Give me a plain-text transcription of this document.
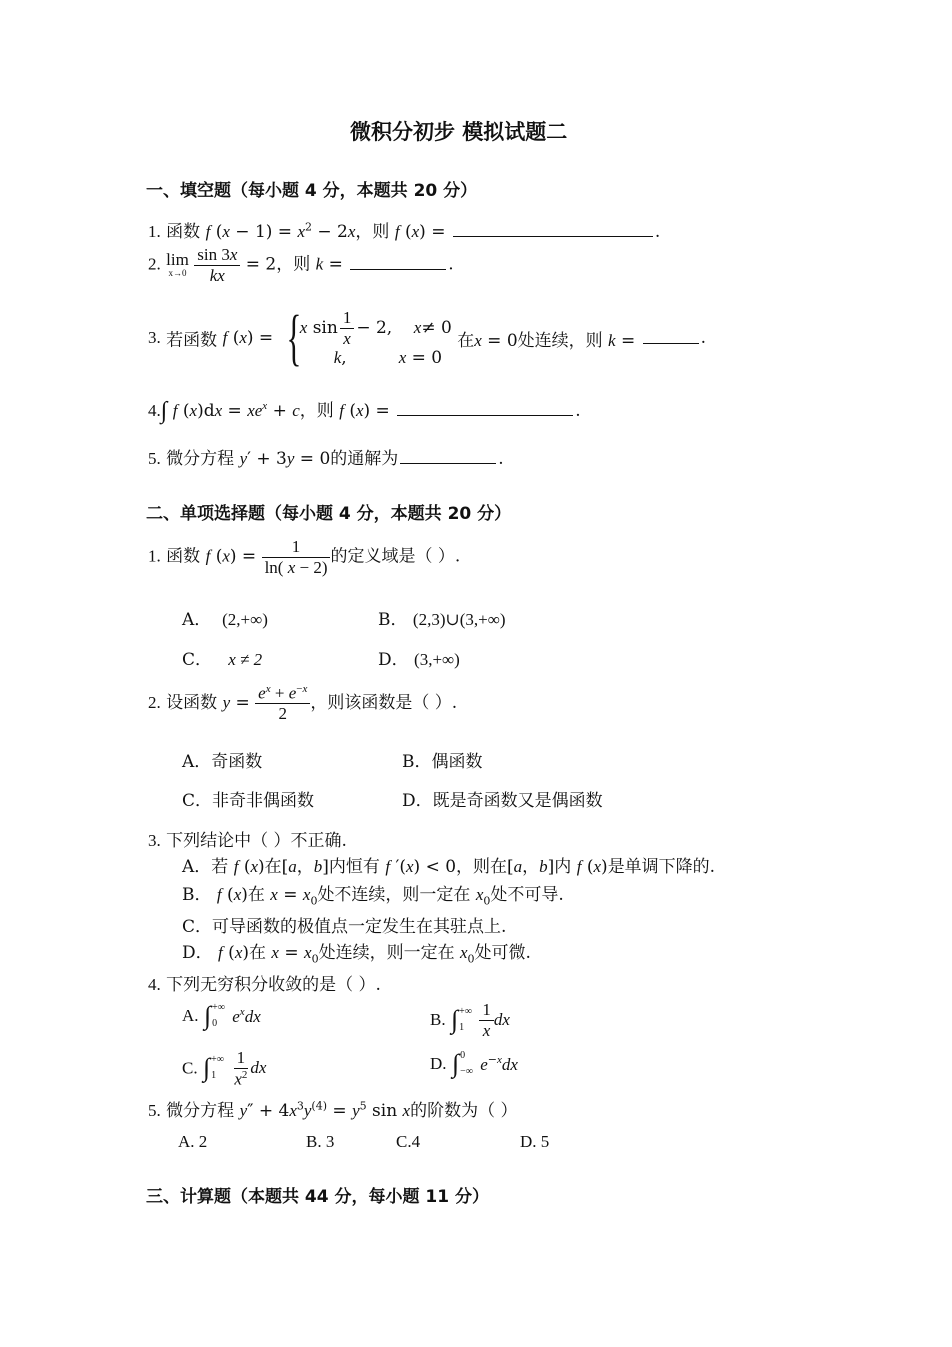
微积分初步 模拟试题二
一、填空题（每小题 4 分，本题共 20 分）
1. 函数 f $(x - 1) = x^2 - 2x$，则 f (x) =	.
2. lim
x→0
$\frac{\sin 3x}{kx} = 2$，则 k =	.
3. 若函数 f (x) = {
x $\sin \frac{1}{x} - 2$, x ≠ 0
k,	x = 0
在x = 0处连续，则 k =	.
4.∫ f $(x)dx = xe^x + c$，则 f (x) =	.
5. 微分方程 y′ + 3y = 0的通解为	.
二、单项选择题（每小题 4 分，本题共 20 分）
1. 函数 f $(x) = \frac{1}{\ln( x - 2)}$ 的定义域是（ ）.
A． (2,+∞)	B． (2,3)∪(3,+∞)
C． x ≠ 2	D． (3,+∞)
2. 设函数 $y = \frac{e^x + e^{-x}}{2}$ ，则该函数是（ ）.
A．奇函数	B．偶函数
C．非奇非偶函数	D．既是奇函数又是偶函数
3. 下列结论中（ ）不正确.
A．若 f (x)在[a，b]内恒有 f ′(x) < 0，则在[a，b]内 f (x)是单调下降的.
B． f (x)在 $x = x_0$处不连续，则一定在 $x_0$处不可导.
C．可导函数的极值点一定发生在其驻点上.
D． f (x)在 $x = x_0$处连续，则一定在 $x_0$处可微.
4. 下列无穷积分收敛的是（ ）.
A. ∫ +∞
0 $e^xdx$	B. ∫ +∞
1
$\frac{1}{x}$ dx
C. ∫ +∞
1
$\frac{1}{x^2}$ dx	D. ∫ 0
−∞ $e^{-x}dx$
5. 微分方程 $y'' + 4x^3y^{(4)} = y^5$ sin x的阶数为（ ）
A. 2	B. 3	C.4	D. 5
三、计算题（本题共 44 分，每小题 11 分）
